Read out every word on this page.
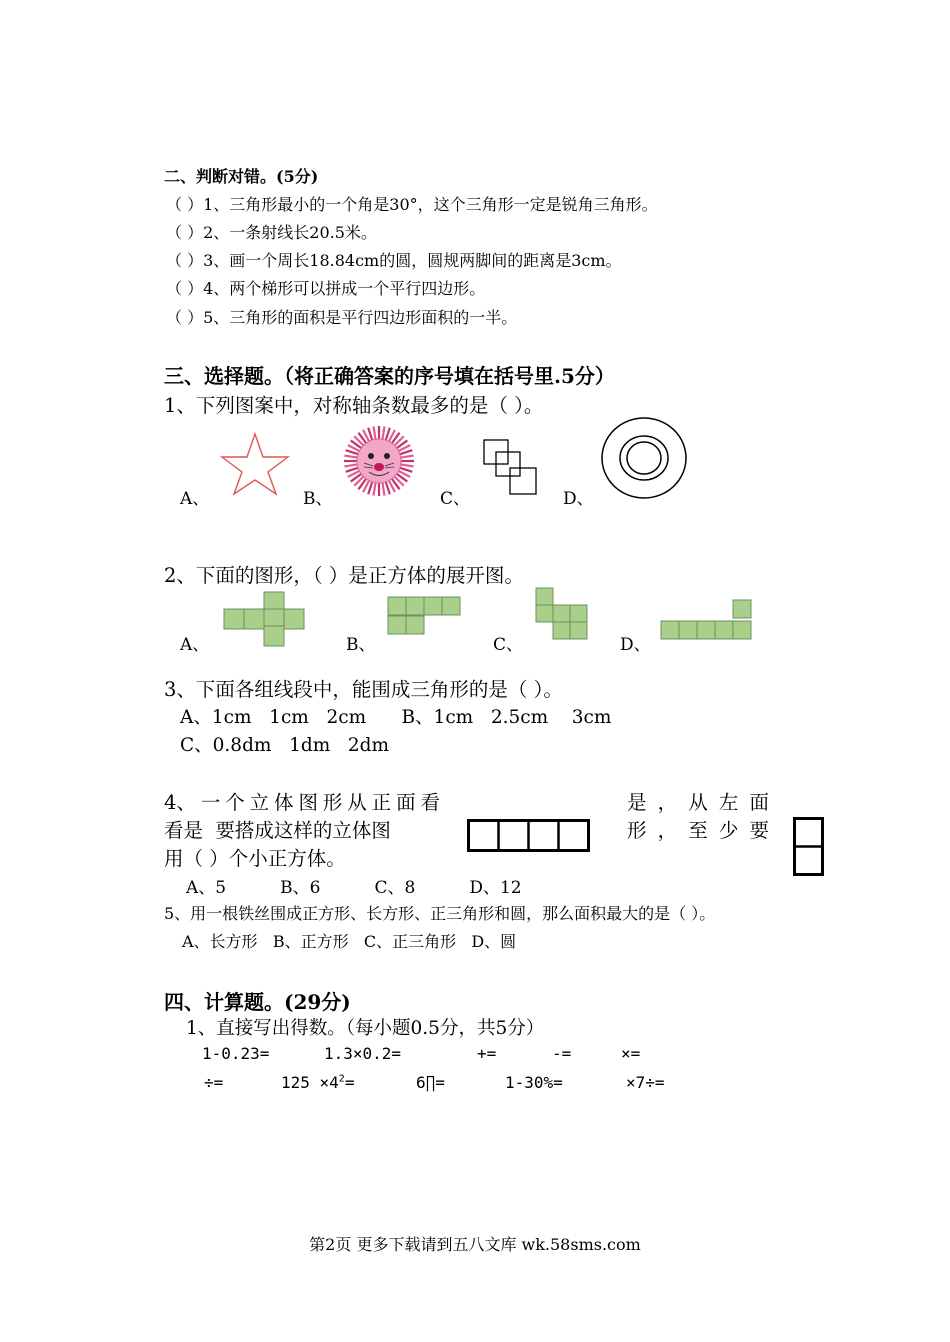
二、判断对错。(5分)
（ ）1、三角形最小的一个角是30°，这个三角形一定是锐角三角形。
（ ）2、一条射线长20.5米。
（ ）3、画一个周长18.84cm的圆，圆规两脚间的距离是3cm。
（ ）4、两个梯形可以拼成一个平行四边形。
（ ）5、三角形的面积是平行四边形面积的一半。
三、选择题。（将正确答案的序号填在括号里.5分）
1、下列图案中，对称轴条数最多的是（ ）。
A、	B、	C、	D、
2、下面的图形，（ ）是正方体的展开图。
A、	B、	C、	D、
3、下面各组线段中，能围成三角形的是（ ）。
A、1cm   1cm   2cm      B、1cm   2.5cm    3cm
C、0.8dm   1dm   2dm
4、 一 个 立 体 图 形 从 正 面 看
看是  要搭成这样的立体图
用（ ）个小正方体。
是 ， 从 左 面
形 ， 至 少 要
A、5          B、6          C、8          D、12
5、用一根铁丝围成正方形、长方形、正三角形和圆，那么面积最大的是（ ）。
A、长方形   B、正方形   C、正三角形   D、圆
四、计算题。(29分)
1、直接写出得数。（每小题0.5分，共5分）
1-0.23=	1.3×0.2=	+=	-=	×=
÷=	$125 \times 4^2=$	6∏=	1-30%=	×7÷=
第2页 更多下载请到五八文库 wk.58sms.com
